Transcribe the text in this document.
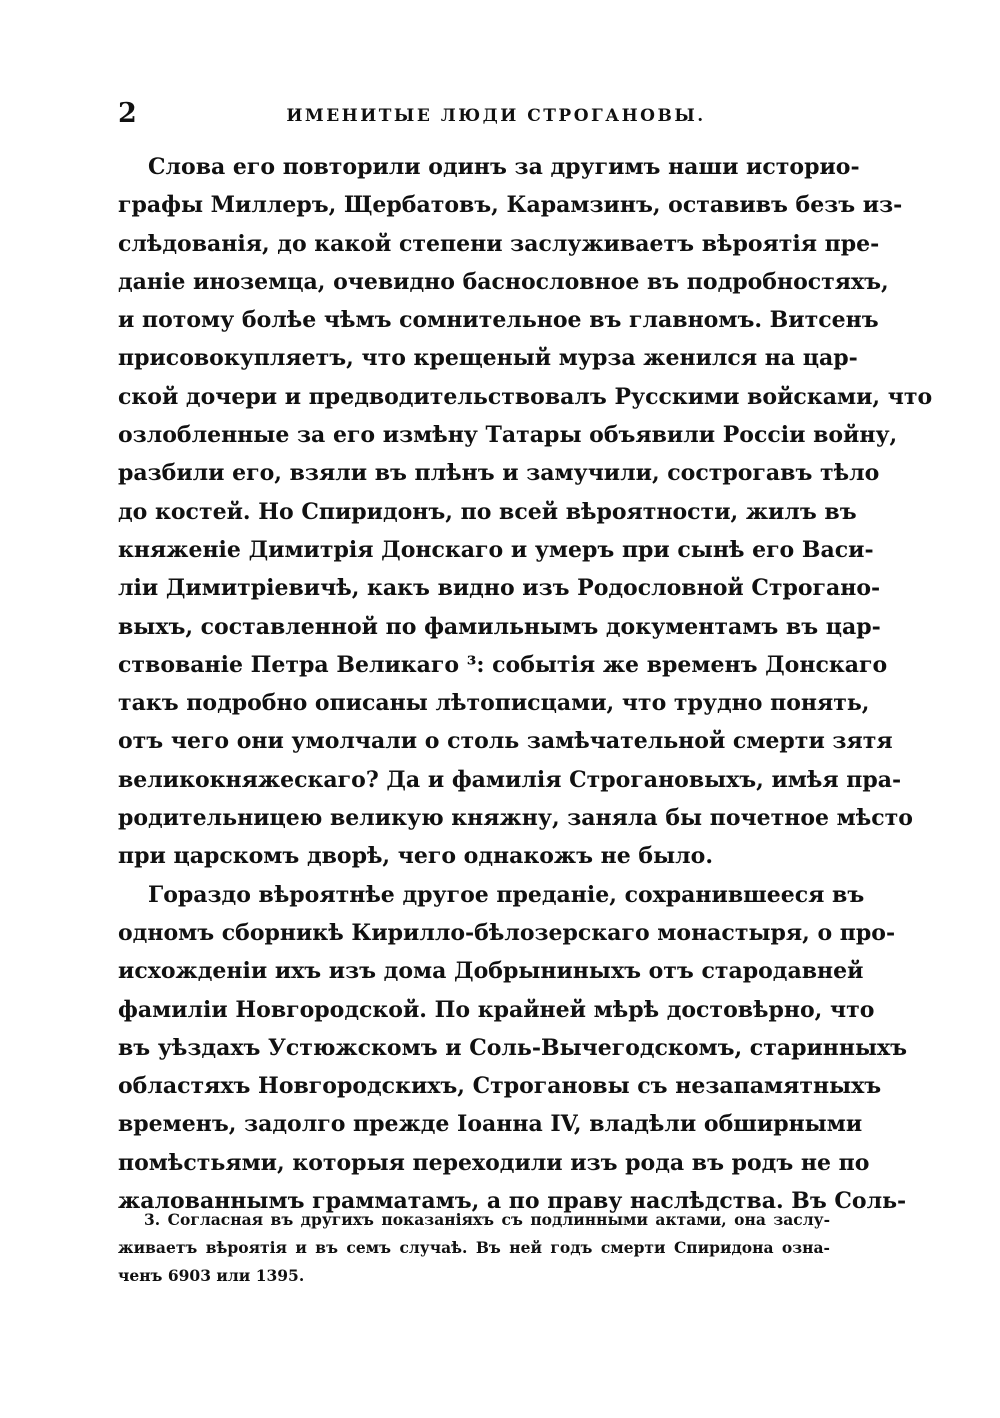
2	ИМЕНИТЫЕ ЛЮДИ СТРОГАНОВЫ.

Слова его повторили одинъ за другимъ наши историо-
графы Миллеръ, Щербатовъ, Карамзинъ, оставивъ безъ из-
слѣдованія, до какой степени заслуживаетъ вѣроятія пре-
даніе иноземца, очевидно баснословное въ подробностяхъ,
и потому болѣе чѣмъ сомнительное въ главномъ. Витсенъ
присовокупляетъ, что крещеный мурза женился на цар-
ской дочери и предводительствовалъ Русскими войсками, что
озлобленные за его измѣну Татары объявили Россіи войну,
разбили его, взяли въ плѣнъ и замучили, сострогавъ тѣло
до костей. Но Спиридонъ, по всей вѣроятности, жилъ въ
княженіе Димитрія Донскаго и умеръ при сынѣ его Васи-
ліи Димитріевичѣ, какъ видно изъ Родословной Строгано-
выхъ, составленной по фамильнымъ документамъ въ цар-
ствованіе Петра Великаго ³: событія же временъ Донскаго
такъ подробно описаны лѣтописцами, что трудно понять,
отъ чего они умолчали о столь замѣчательной смерти зятя
великокняжескаго? Да и фамилія Строгановыхъ, имѣя пра-
родительницею великую княжну, заняла бы почетное мѣсто
при царскомъ дворѣ, чего однакожъ не было.

Гораздо вѣроятнѣе другое преданіе, сохранившееся въ
одномъ сборникѣ Кирилло-бѣлозерскаго монастыря, о про-
исхожденіи ихъ изъ дома Добрыниныхъ отъ стародавней
фамиліи Новгородской. По крайней мѣрѣ достовѣрно, что
въ уѣздахъ Устюжскомъ и Соль-Вычегодскомъ, старинныхъ
областяхъ Новгородскихъ, Строгановы съ незапамятныхъ
временъ, задолго прежде Іоанна IV, владѣли обширными
помѣстьями, которыя переходили изъ рода въ родъ не по
жалованнымъ грамматамъ, а по праву наслѣдства. Въ Соль-

3. Согласная въ другихъ показаніяхъ съ подлинными актами, она заслу-
живаетъ вѣроятія и въ семъ случаѣ. Въ ней годъ смерти Спиридона озна-
ченъ 6903 или 1395.
